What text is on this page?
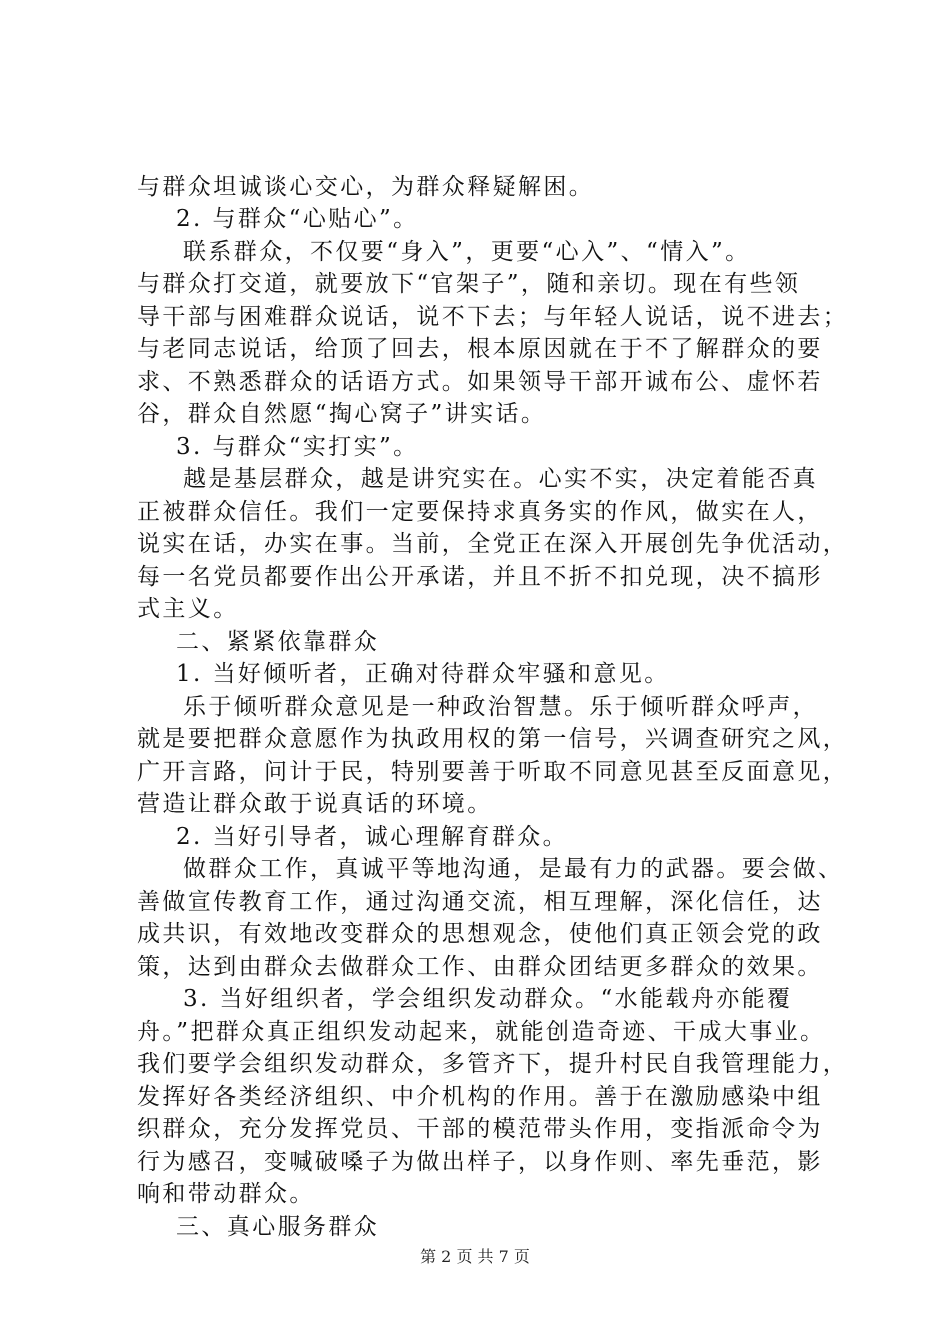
与群众坦诚谈心交心，为群众释疑解困。
2. 与群众“心贴心”。
联系群众，不仅要“身入”，更要“心入”、“情入”。
与群众打交道，就要放下“官架子”，随和亲切。现在有些领
导干部与困难群众说话，说不下去；与年轻人说话，说不进去；
与老同志说话，给顶了回去，根本原因就在于不了解群众的要
求、不熟悉群众的话语方式。如果领导干部开诚布公、虚怀若
谷，群众自然愿“掏心窝子”讲实话。
3. 与群众“实打实”。
越是基层群众，越是讲究实在。心实不实，决定着能否真
正被群众信任。我们一定要保持求真务实的作风，做实在人，
说实在话，办实在事。当前，全党正在深入开展创先争优活动，
每一名党员都要作出公开承诺，并且不折不扣兑现，决不搞形
式主义。
二、紧紧依靠群众
1. 当好倾听者，正确对待群众牢骚和意见。
乐于倾听群众意见是一种政治智慧。乐于倾听群众呼声，
就是要把群众意愿作为执政用权的第一信号，兴调查研究之风，
广开言路，问计于民，特别要善于听取不同意见甚至反面意见，
营造让群众敢于说真话的环境。
2. 当好引导者，诚心理解育群众。
做群众工作，真诚平等地沟通，是最有力的武器。要会做、
善做宣传教育工作，通过沟通交流，相互理解，深化信任，达
成共识，有效地改变群众的思想观念，使他们真正领会党的政
策，达到由群众去做群众工作、由群众团结更多群众的效果。
3. 当好组织者，学会组织发动群众。“水能载舟亦能覆
舟。”把群众真正组织发动起来，就能创造奇迹、干成大事业。
我们要学会组织发动群众，多管齐下，提升村民自我管理能力，
发挥好各类经济组织、中介机构的作用。善于在激励感染中组
织群众，充分发挥党员、干部的模范带头作用，变指派命令为
行为感召，变喊破嗓子为做出样子，以身作则、率先垂范，影
响和带动群众。
三、真心服务群众
第 2 页 共 7 页
